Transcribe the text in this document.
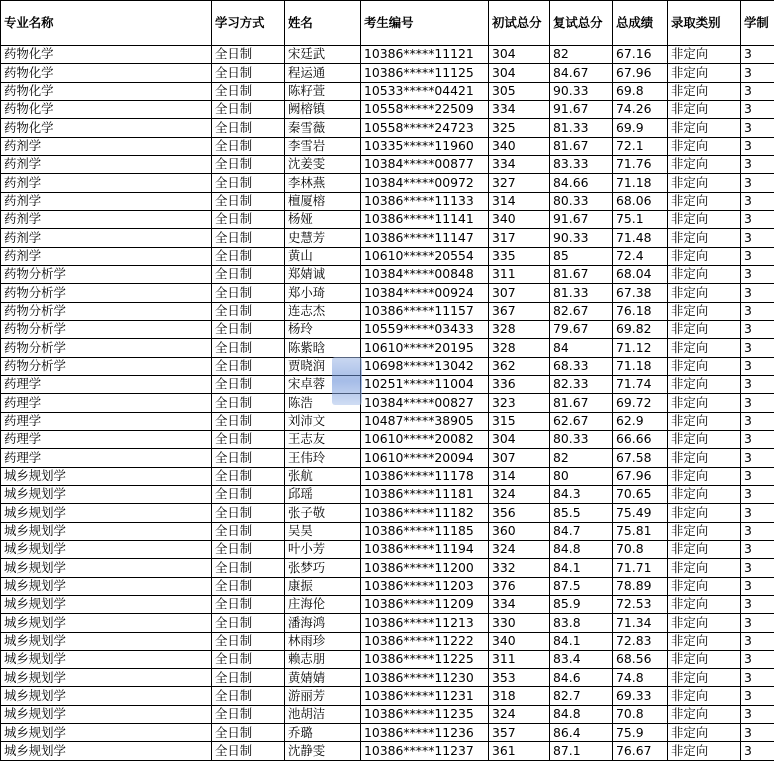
专业名称	学习方式	姓名	考生编号	初试总分	复试总分	总成绩	录取类别	学制
药物化学	全日制	宋廷武	10386*****11121	304	82	67.16	非定向	3
药物化学	全日制	程运通	10386*****11125	304	84.67	67.96	非定向	3
药物化学	全日制	陈籽萱	10533*****04421	305	90.33	69.8	非定向	3
药物化学	全日制	阙榕镇	10558*****22509	334	91.67	74.26	非定向	3
药物化学	全日制	秦雪薇	10558*****24723	325	81.33	69.9	非定向	3
药剂学	全日制	李雪岩	10335*****11960	340	81.67	72.1	非定向	3
药剂学	全日制	沈姜雯	10384*****00877	334	83.33	71.76	非定向	3
药剂学	全日制	李林燕	10384*****00972	327	84.66	71.18	非定向	3
药剂学	全日制	檀厦榕	10386*****11133	314	80.33	68.06	非定向	3
药剂学	全日制	杨娅	10386*****11141	340	91.67	75.1	非定向	3
药剂学	全日制	史慧芳	10386*****11147	317	90.33	71.48	非定向	3
药剂学	全日制	黄山	10610*****20554	335	85	72.4	非定向	3
药物分析学	全日制	郑婧诚	10384*****00848	311	81.67	68.04	非定向	3
药物分析学	全日制	郑小琦	10384*****00924	307	81.33	67.38	非定向	3
药物分析学	全日制	连志杰	10386*****11157	367	82.67	76.18	非定向	3
药物分析学	全日制	杨玲	10559*****03433	328	79.67	69.82	非定向	3
药物分析学	全日制	陈紫晗	10610*****20195	328	84	71.12	非定向	3
药物分析学	全日制	贾晓润	10698*****13042	362	68.33	71.18	非定向	3
药理学	全日制	宋卓蓉	10251*****11004	336	82.33	71.74	非定向	3
药理学	全日制	陈浩	10384*****00827	323	81.67	69.72	非定向	3
药理学	全日制	刘沛文	10487*****38905	315	62.67	62.9	非定向	3
药理学	全日制	王志友	10610*****20082	304	80.33	66.66	非定向	3
药理学	全日制	王伟玲	10610*****20094	307	82	67.58	非定向	3
城乡规划学	全日制	张航	10386*****11178	314	80	67.96	非定向	3
城乡规划学	全日制	邱瑶	10386*****11181	324	84.3	70.65	非定向	3
城乡规划学	全日制	张子敬	10386*****11182	356	85.5	75.49	非定向	3
城乡规划学	全日制	吴昊	10386*****11185	360	84.7	75.81	非定向	3
城乡规划学	全日制	叶小芳	10386*****11194	324	84.8	70.8	非定向	3
城乡规划学	全日制	张梦巧	10386*****11200	332	84.1	71.71	非定向	3
城乡规划学	全日制	康振	10386*****11203	376	87.5	78.89	非定向	3
城乡规划学	全日制	庄海伦	10386*****11209	334	85.9	72.53	非定向	3
城乡规划学	全日制	潘海鸿	10386*****11213	330	83.8	71.34	非定向	3
城乡规划学	全日制	林雨珍	10386*****11222	340	84.1	72.83	非定向	3
城乡规划学	全日制	赖志朋	10386*****11225	311	83.4	68.56	非定向	3
城乡规划学	全日制	黄婧婧	10386*****11230	353	84.6	74.8	非定向	3
城乡规划学	全日制	游丽芳	10386*****11231	318	82.7	69.33	非定向	3
城乡规划学	全日制	池胡洁	10386*****11235	324	84.8	70.8	非定向	3
城乡规划学	全日制	乔璐	10386*****11236	357	86.4	75.9	非定向	3
城乡规划学	全日制	沈静雯	10386*****11237	361	87.1	76.67	非定向	3
